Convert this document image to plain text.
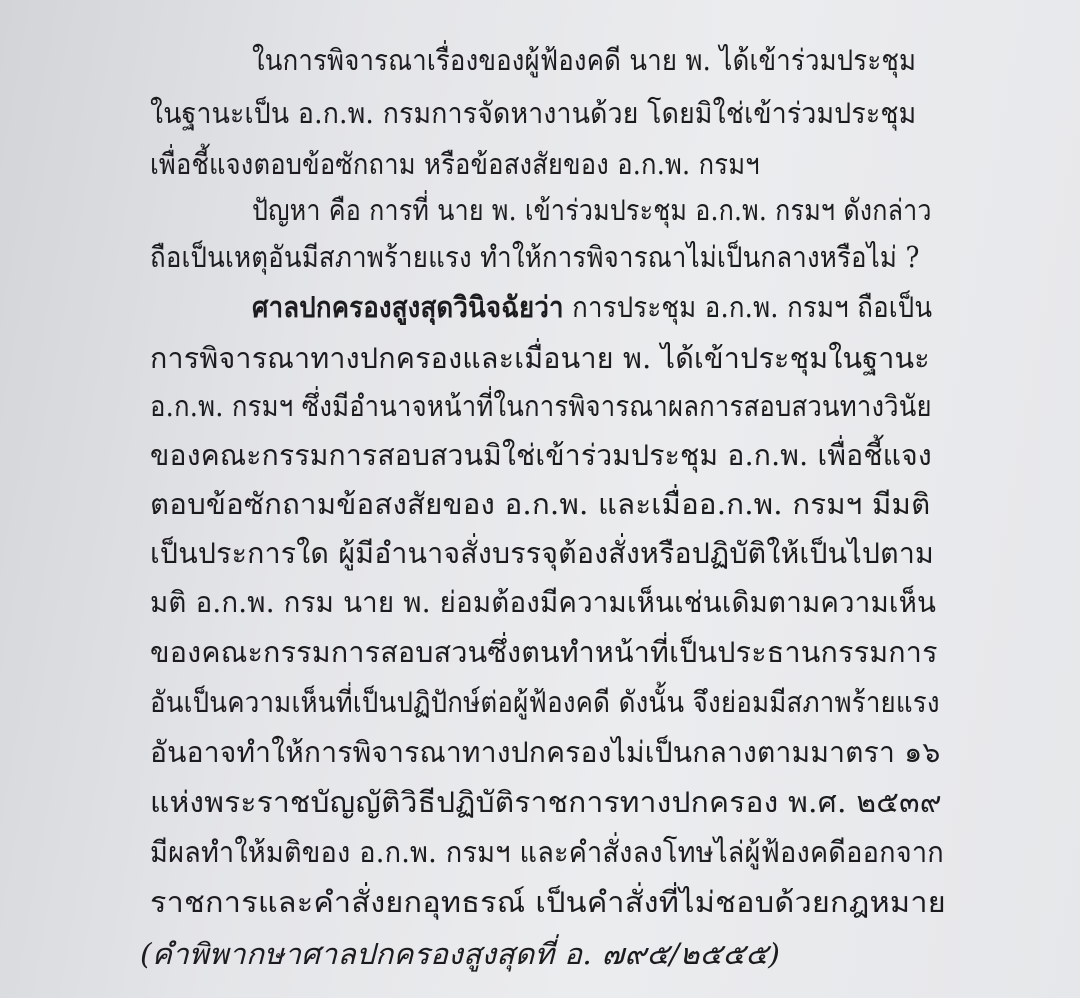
ในการพิจารณาเรื่องของผู้ฟ้องคดี นาย พ. ได้เข้าร่วมประชุม
ในฐานะเป็น อ.ก.พ. กรมการจัดหางานด้วย โดยมิใช่เข้าร่วมประชุม
เพื่อชี้แจงตอบข้อซักถาม หรือข้อสงสัยของ อ.ก.พ. กรมฯ
ปัญหา คือ การที่ นาย พ. เข้าร่วมประชุม อ.ก.พ. กรมฯ ดังกล่าว
ถือเป็นเหตุอันมีสภาพร้ายแรง ทำให้การพิจารณาไม่เป็นกลางหรือไม่ ?
ศาลปกครองสูงสุดวินิจฉัยว่า การประชุม อ.ก.พ. กรมฯ ถือเป็น
การพิจารณาทางปกครองและเมื่อนาย พ. ได้เข้าประชุมในฐานะ
อ.ก.พ. กรมฯ ซึ่งมีอำนาจหน้าที่ในการพิจารณาผลการสอบสวนทางวินัย
ของคณะกรรมการสอบสวนมิใช่เข้าร่วมประชุม อ.ก.พ. เพื่อชี้แจง
ตอบข้อซักถามข้อสงสัยของ อ.ก.พ. และเมื่ออ.ก.พ. กรมฯ มีมติ
เป็นประการใด ผู้มีอำนาจสั่งบรรจุต้องสั่งหรือปฏิบัติให้เป็นไปตาม
มติ อ.ก.พ. กรม นาย พ. ย่อมต้องมีความเห็นเช่นเดิมตามความเห็น
ของคณะกรรมการสอบสวนซึ่งตนทำหน้าที่เป็นประธานกรรมการ
อันเป็นความเห็นที่เป็นปฏิปักษ์ต่อผู้ฟ้องคดี ดังนั้น จึงย่อมมีสภาพร้ายแรง
อันอาจทำให้การพิจารณาทางปกครองไม่เป็นกลางตามมาตรา ๑๖
แห่งพระราชบัญญัติวิธีปฏิบัติราชการทางปกครอง พ.ศ. ๒๕๓๙
มีผลทำให้มติของ อ.ก.พ. กรมฯ และคำสั่งลงโทษไล่ผู้ฟ้องคดีออกจาก
ราชการและคำสั่งยกอุทธรณ์ เป็นคำสั่งที่ไม่ชอบด้วยกฎหมาย
(คำพิพากษาศาลปกครองสูงสุดที่ อ. ๗๙๕/๒๕๕๕)
